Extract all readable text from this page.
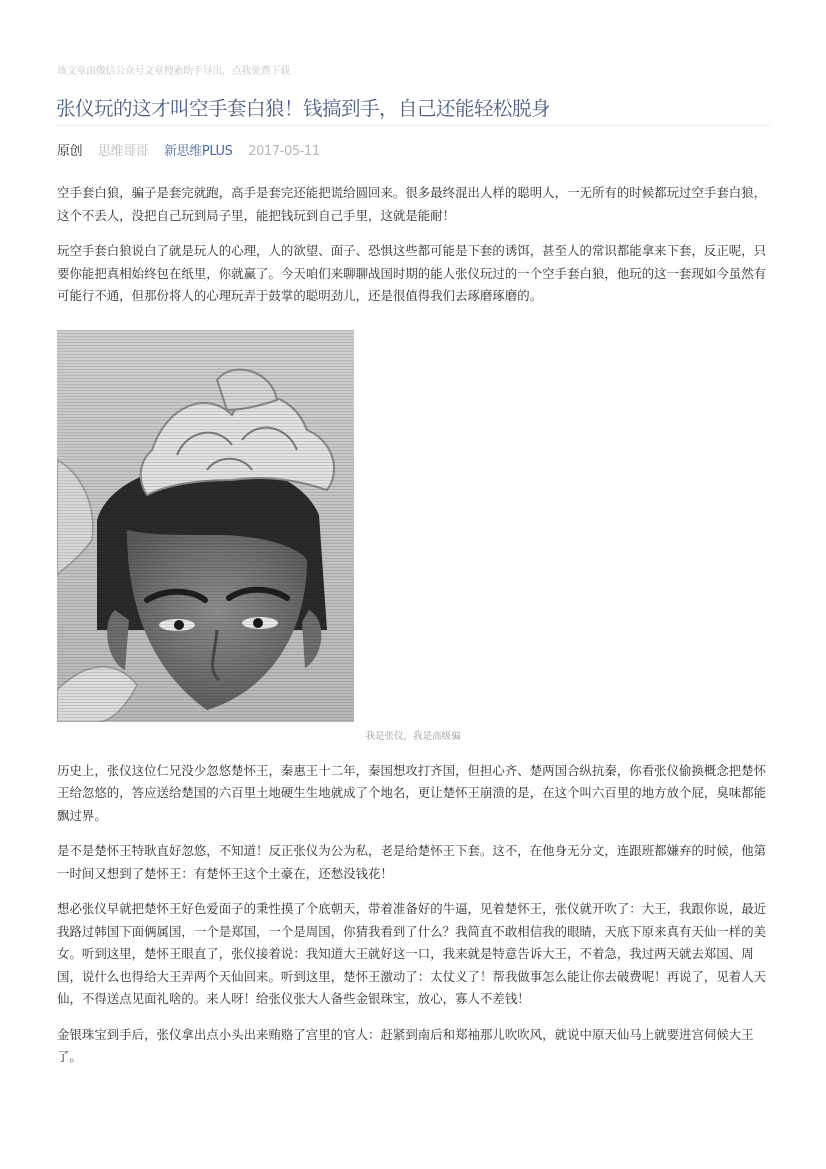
该文章由微信公众号文章搜索助手导出，点我免费下载
张仪玩的这才叫空手套白狼！钱搞到手，自己还能轻松脱身
原创 思维哥哥 新思维PLUS 2017-05-11

空手套白狼，骗子是套完就跑，高手是套完还能把谎给圆回来。很多最终混出人样的聪明人，一无所有的时候都玩过空手套白狼，这个不丢人，没把自己玩到局子里，能把钱玩到自己手里，这就是能耐！

玩空手套白狼说白了就是玩人的心理，人的欲望、面子、恐惧这些都可能是下套的诱饵，甚至人的常识都能拿来下套，反正呢，只要你能把真相始终包在纸里，你就赢了。今天咱们来聊聊战国时期的能人张仪玩过的一个空手套白狼，他玩的这一套现如今虽然有可能行不通，但那份将人的心理玩弄于鼓掌的聪明劲儿，还是很值得我们去琢磨琢磨的。

我是张仪，我是高级骗

历史上，张仪这位仁兄没少忽悠楚怀王，秦惠王十二年，秦国想攻打齐国，但担心齐、楚两国合纵抗秦，你看张仪偷换概念把楚怀王给忽悠的，答应送给楚国的六百里土地硬生生地就成了个地名，更让楚怀王崩溃的是，在这个叫六百里的地方放个屁，臭味都能飘过界。

是不是楚怀王特耿直好忽悠，不知道！反正张仪为公为私，老是给楚怀王下套。这不，在他身无分文，连跟班都嫌弃的时候，他第一时间又想到了楚怀王：有楚怀王这个土豪在，还愁没钱花！

想必张仪早就把楚怀王好色爱面子的秉性摸了个底朝天，带着准备好的牛逼，见着楚怀王，张仪就开吹了：大王，我跟你说，最近我路过韩国下面俩属国，一个是郑国，一个是周国，你猜我看到了什么？我简直不敢相信我的眼睛，天底下原来真有天仙一样的美女。听到这里，楚怀王眼直了，张仪接着说：我知道大王就好这一口，我来就是特意告诉大王，不着急，我过两天就去郑国、周国，说什么也得给大王弄两个天仙回来。听到这里，楚怀王激动了：太仗义了！帮我做事怎么能让你去破费呢！再说了，见着人天仙，不得送点见面礼啥的。来人呀！给张仪张大人备些金银珠宝，放心，寡人不差钱！

金银珠宝到手后，张仪拿出点小头出来贿赂了宫里的官人：赶紧到南后和郑袖那儿吹吹风，就说中原天仙马上就要进宫伺候大王了。
